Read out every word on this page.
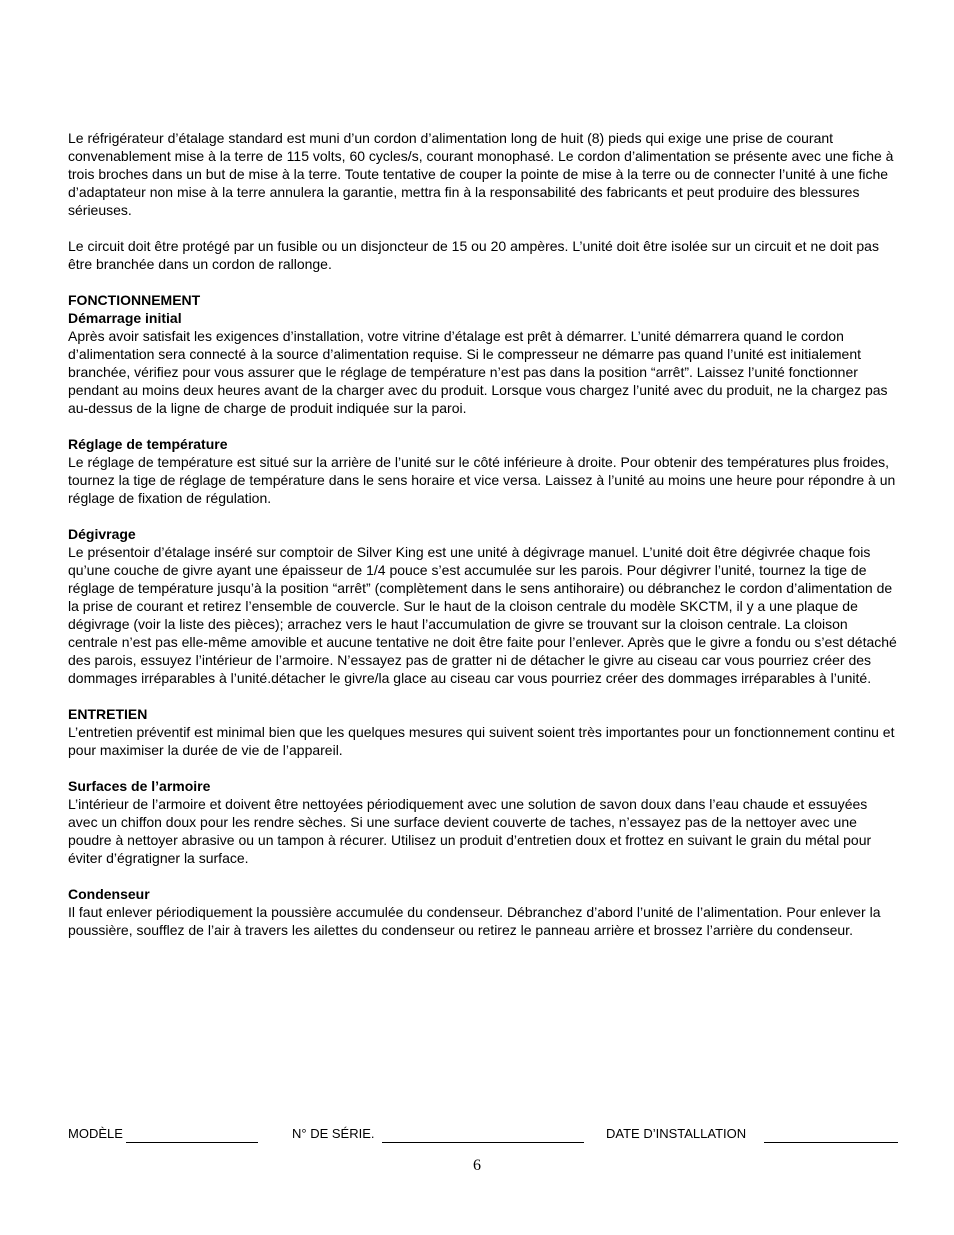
Le réfrigérateur d’étalage standard est muni d’un cordon d’alimentation long de huit (8) pieds qui exige une prise de courant convenablement mise à la terre de 115 volts, 60 cycles/s, courant monophasé. Le cordon d’alimentation se présente avec une fiche à trois broches dans un but de mise à la terre. Toute tentative de couper la pointe de mise à la terre ou de connecter l’unité à une fiche d’adaptateur non mise à la terre annulera la garantie, mettra fin à la responsabilité des fabricants et peut produire des blessures sérieuses.

Le circuit doit être protégé par un fusible ou un disjoncteur de 15 ou 20 ampères. L’unité doit être isolée sur un circuit et ne doit pas être branchée dans un cordon de rallonge.

FONCTIONNEMENT

Démarrage initial

Après avoir satisfait les exigences d’installation, votre vitrine d’étalage est prêt à démarrer. L’unité démarrera quand le cordon d’alimentation sera connecté à la source d’alimentation requise. Si le compresseur ne démarre pas quand l’unité est initialement branchée, vérifiez pour vous assurer que le réglage de température n’est pas dans la position “arrêt”. Laissez l’unité fonctionner pendant au moins deux heures avant de la charger avec du produit. Lorsque vous chargez l’unité avec du produit, ne la chargez pas au-dessus de la ligne de charge de produit indiquée sur la paroi.

Réglage de température

Le réglage de température est situé sur la arrière de l’unité sur le côté inférieure à droite. Pour obtenir des températures plus froides, tournez la tige de réglage de température dans le sens horaire et vice versa. Laissez à l’unité au moins une heure pour répondre à un réglage de fixation de régulation.

Dégivrage

Le présentoir d’étalage inséré sur comptoir de Silver King est une unité à dégivrage manuel. L’unité doit être dégivrée chaque fois qu’une couche de givre ayant une épaisseur de 1/4 pouce s’est accumulée sur les parois. Pour dégivrer l’unité, tournez la tige de réglage de température jusqu’à la position “arrêt” (complètement dans le sens antihoraire) ou débranchez le cordon d’alimentation de la prise de courant et retirez l’ensemble de couvercle. Sur le haut de la cloison centrale du modèle SKCTM, il y a une plaque de dégivrage (voir la liste des pièces); arrachez vers le haut l’accumulation de givre se trouvant sur la cloison centrale. La cloison centrale n’est pas elle-même amovible et aucune tentative ne doit être faite pour l’enlever. Après que le givre a fondu ou s’est détaché des parois, essuyez l’intérieur de l’armoire. N’essayez pas de gratter ni de détacher le givre au ciseau car vous pourriez créer des dommages irréparables à l’unité.détacher le givre/la glace au ciseau car vous pourriez créer des dommages irréparables à l’unité.

ENTRETIEN

L’entretien préventif est minimal bien que les quelques mesures qui suivent soient très importantes pour un fonctionnement continu et pour maximiser la durée de vie de l’appareil.

Surfaces de l’armoire

L’intérieur de l’armoire et doivent être nettoyées périodiquement avec une solution de savon doux dans l’eau chaude et essuyées avec un chiffon doux pour les rendre sèches. Si une surface devient couverte de taches, n’essayez pas de la nettoyer avec une poudre à nettoyer abrasive ou un tampon à récurer. Utilisez un produit d’entretien doux et frottez en suivant le grain du métal pour éviter d’égratigner la surface.

Condenseur

Il faut enlever périodiquement la poussière accumulée du condenseur. Débranchez d’abord l’unité de l’alimentation. Pour enlever la poussière, soufflez de l’air à travers les ailettes du condenseur ou retirez le panneau arrière et brossez l’arrière du condenseur.

MODÈLE	N° DE SÉRIE.	DATE D’INSTALLATION
6
